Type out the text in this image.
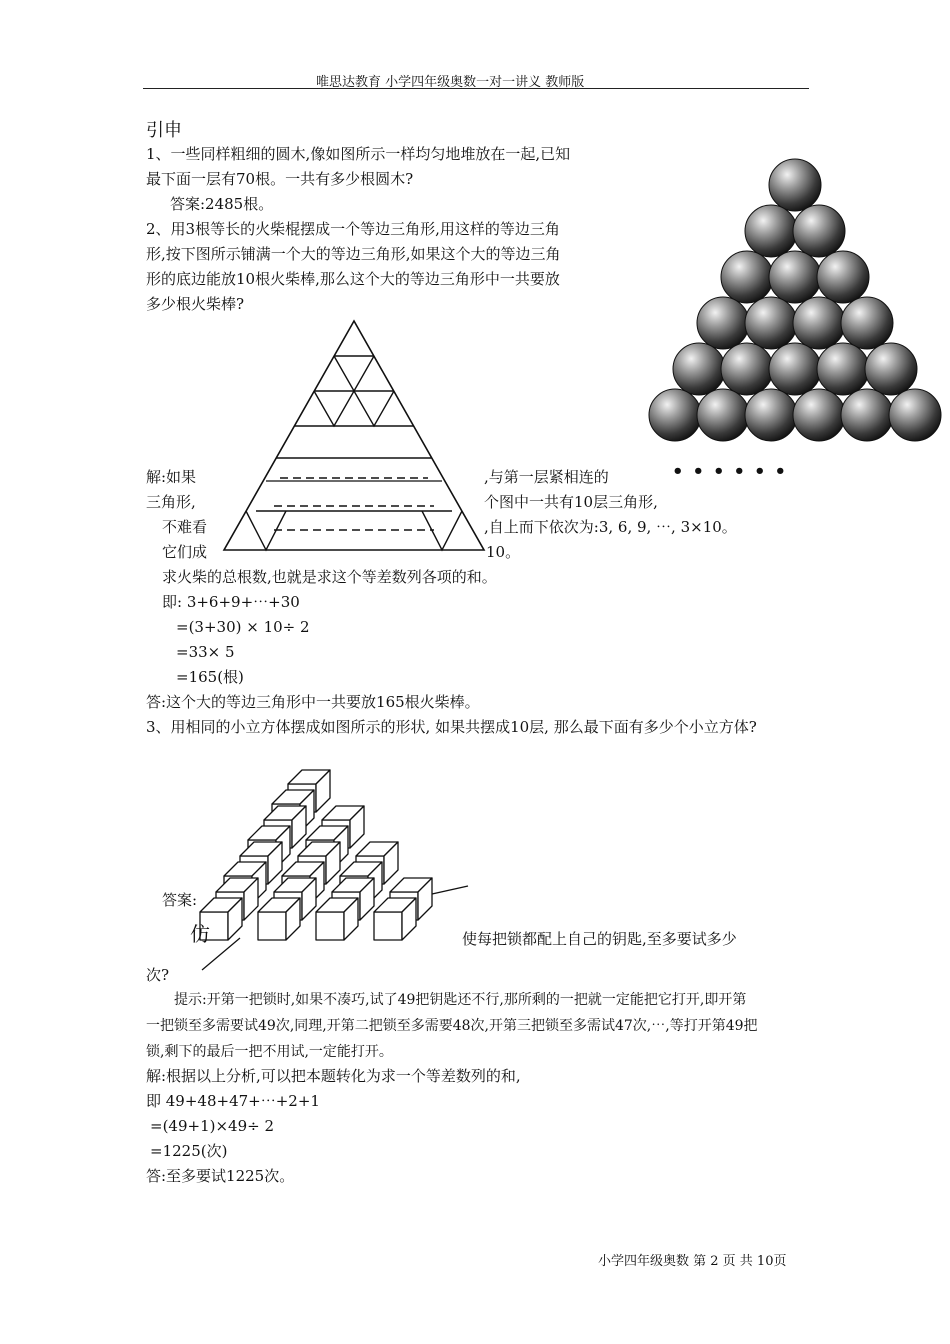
唯思达教育 小学四年级奥数一对一讲义 教师版
引申
1、一些同样粗细的圆木,像如图所示一样均匀地堆放在一起,已知
最下面一层有70根。一共有多少根圆木?
答案:2485根。
2、用3根等长的火柴棍摆成一个等边三角形,用这样的等边三角
形,按下图所示铺满一个大的等边三角形,如果这个大的等边三角
形的底边能放10根火柴棒,那么这个大的等边三角形中一共要放
多少根火柴棒?
解:如果	,与第一层紧相连的
三角形,	个图中一共有10层三角形,
不难看	,自上而下依次为:3, 6, 9, ⋯, 3×10。
它们成	10。
••••••
求火柴的总根数,也就是求这个等差数列各项的和。
即: 3+6+9+⋯+30
=(3+30) × 10÷ 2
=33× 5
=165(根)
答:这个大的等边三角形中一共要放165根火柴棒。
3、用相同的小立方体摆成如图所示的形状, 如果共摆成10层, 那么最下面有多少个小立方体?
答案:
仿	使每把锁都配上自己的钥匙,至多要试多少
次?
提示:开第一把锁时,如果不凑巧,试了49把钥匙还不行,那所剩的一把就一定能把它打开,即开第
一把锁至多需要试49次,同理,开第二把锁至多需要48次,开第三把锁至多需试47次,⋯,等打开第49把
锁,剩下的最后一把不用试,一定能打开。
解:根据以上分析,可以把本题转化为求一个等差数列的和,
即 49+48+47+⋯+2+1
=(49+1)×49÷ 2
=1225(次)
答:至多要试1225次。
小学四年级奥数 第 2 页 共 10页
